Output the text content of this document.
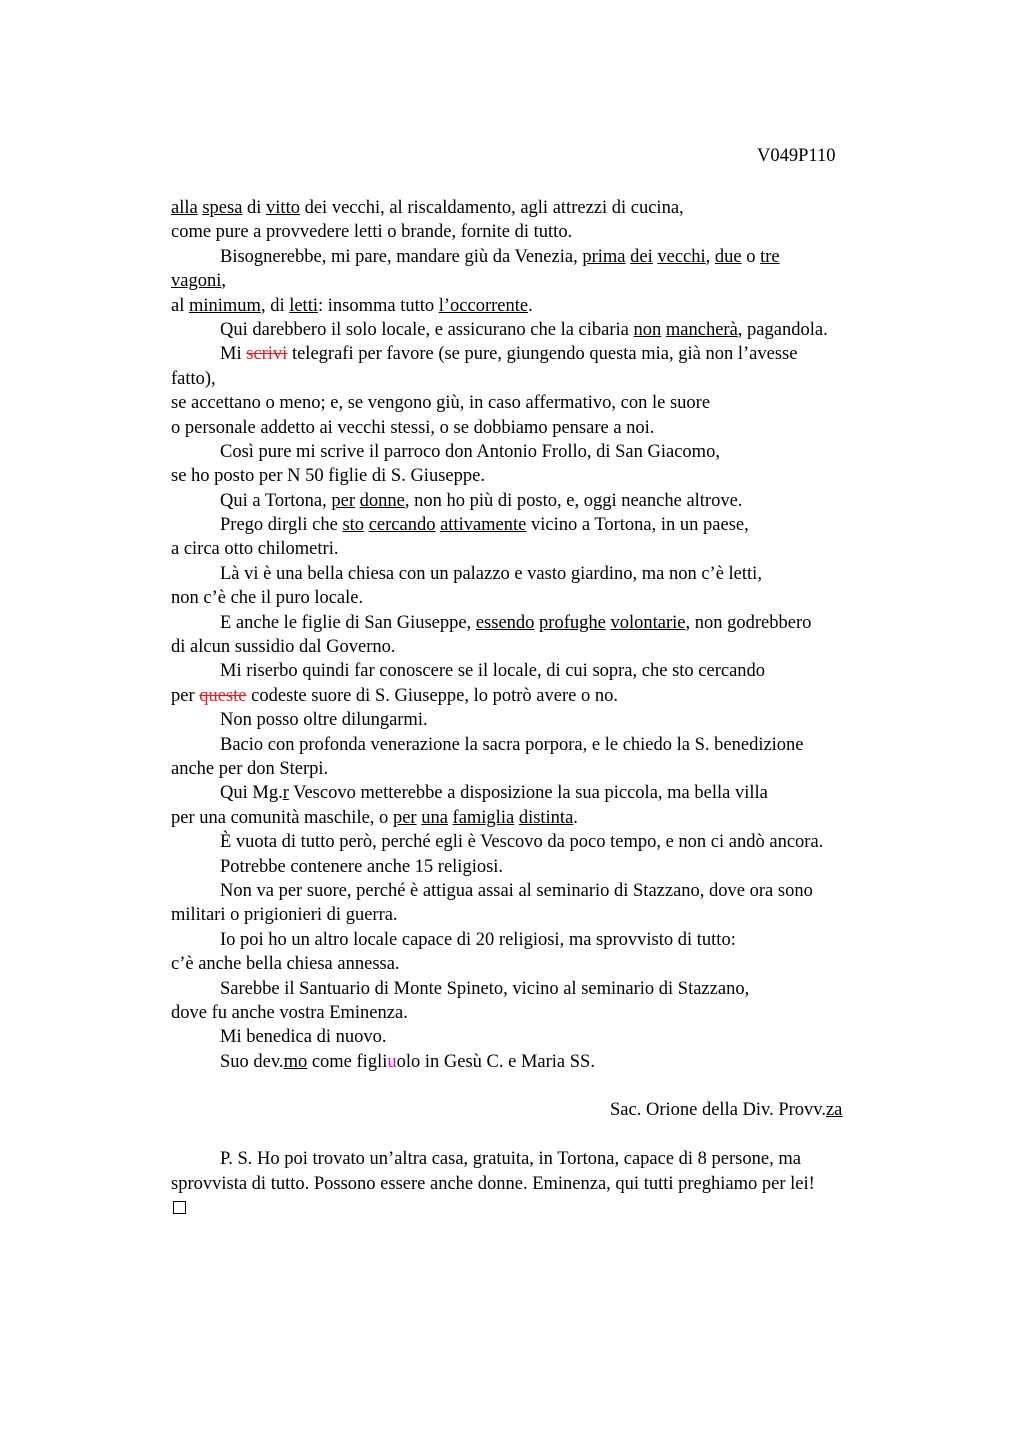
V049P110
alla spesa di vitto dei vecchi, al riscaldamento, agli attrezzi di cucina,
come pure a provvedere letti o brande, fornite di tutto.
Bisognerebbe, mi pare, mandare giù da Venezia, prima dei vecchi, due o tre
vagoni,
al minimum, di letti: insomma tutto l’occorrente.
Qui darebbero il solo locale, e assicurano che la cibaria non mancherà, pagandola.
Mi scrivi telegrafi per favore (se pure, giungendo questa mia, già non l’avesse
fatto),
se accettano o meno; e, se vengono giù, in caso affermativo, con le suore
o personale addetto ai vecchi stessi, o se dobbiamo pensare a noi.
Così pure mi scrive il parroco don Antonio Frollo, di San Giacomo,
se ho posto per N 50 figlie di S. Giuseppe.
Qui a Tortona, per donne, non ho più di posto, e, oggi neanche altrove.
Prego dirgli che sto cercando attivamente vicino a Tortona, in un paese,
a circa otto chilometri.
Là vi è una bella chiesa con un palazzo e vasto giardino, ma non c’è letti,
non c’è che il puro locale.
E anche le figlie di San Giuseppe, essendo profughe volontarie, non godrebbero
di alcun sussidio dal Governo.
Mi riserbo quindi far conoscere se il locale, di cui sopra, che sto cercando
per queste codeste suore di S. Giuseppe, lo potrò avere o no.
Non posso oltre dilungarmi.
Bacio con profonda venerazione la sacra porpora, e le chiedo la S. benedizione
anche per don Sterpi.
Qui Mg.r Vescovo metterebbe a disposizione la sua piccola, ma bella villa
per una comunità maschile, o per una famiglia distinta.
È vuota di tutto però, perché egli è Vescovo da poco tempo, e non ci andò ancora.
Potrebbe contenere anche 15 religiosi.
Non va per suore, perché è attigua assai al seminario di Stazzano, dove ora sono
militari o prigionieri di guerra.
Io poi ho un altro locale capace di 20 religiosi, ma sprovvisto di tutto:
c’è anche bella chiesa annessa.
Sarebbe il Santuario di Monte Spineto, vicino al seminario di Stazzano,
dove fu anche vostra Eminenza.
Mi benedica di nuovo.
Suo dev.mo come figliuolo in Gesù C. e Maria SS.
Sac. Orione della Div. Provv.za
P. S. Ho poi trovato un’altra casa, gratuita, in Tortona, capace di 8 persone, ma
sprovvista di tutto. Possono essere anche donne. Eminenza, qui tutti preghiamo per lei!
